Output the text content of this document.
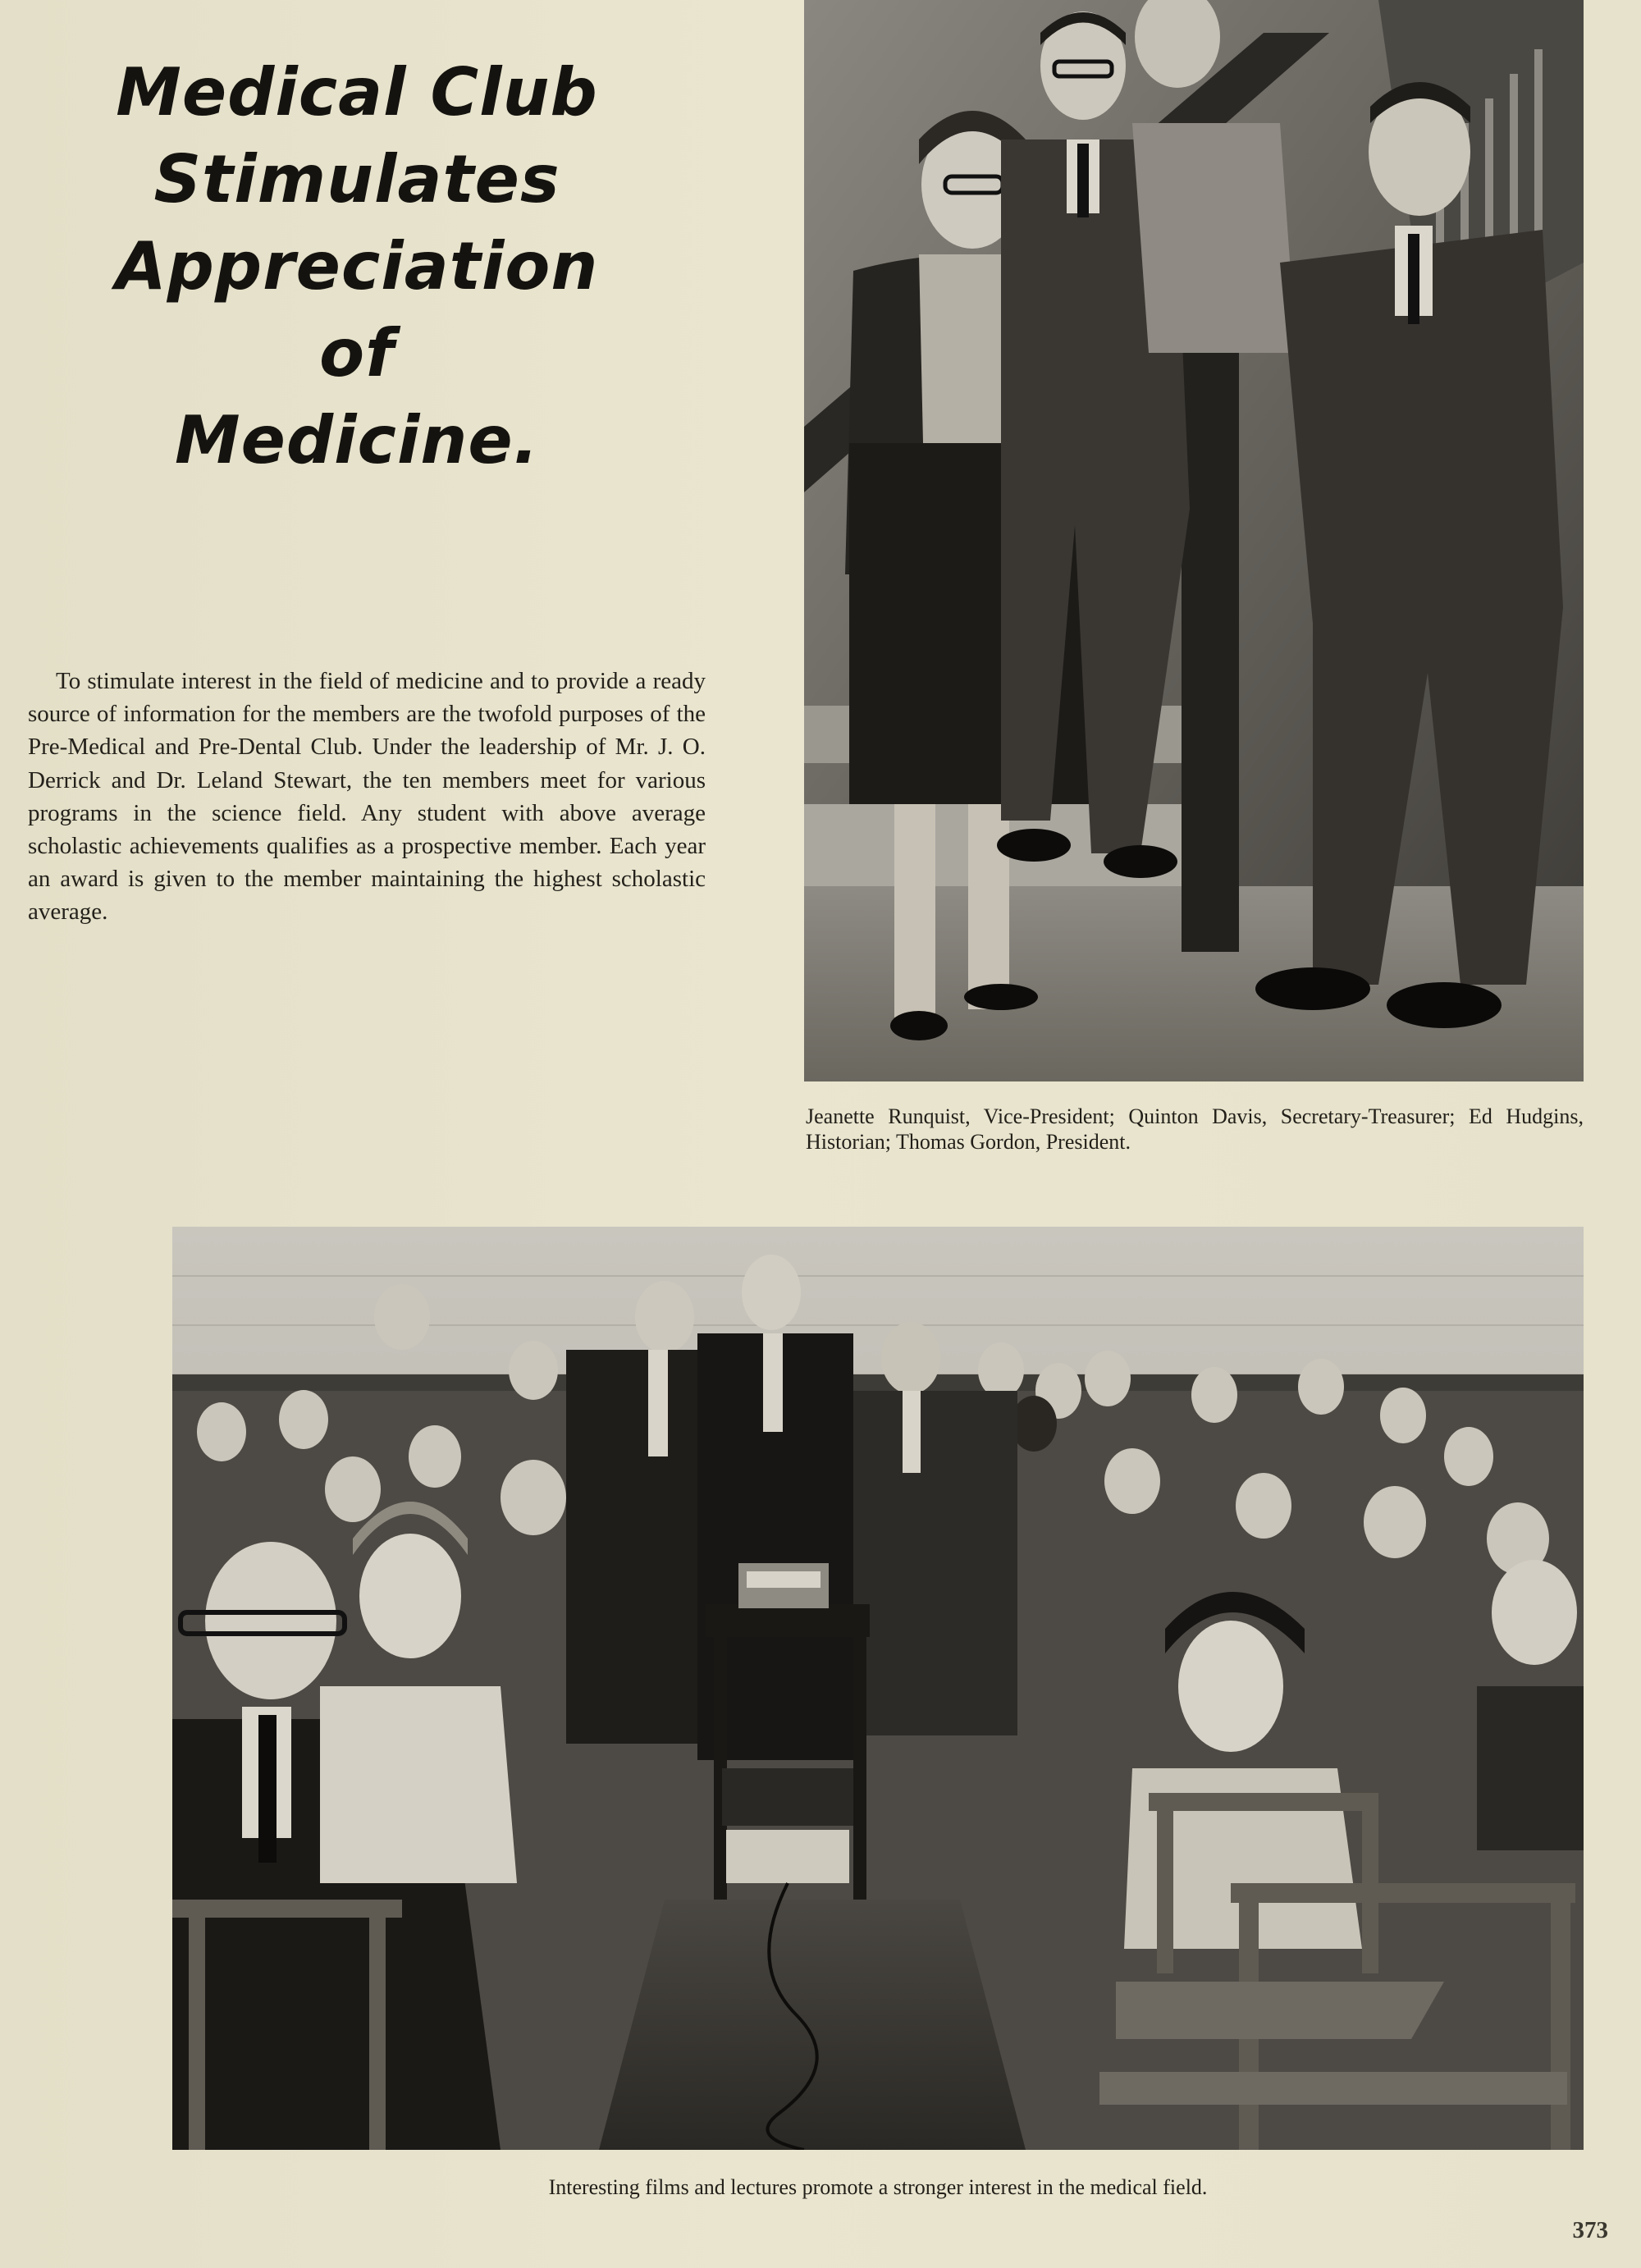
Medical Club
Stimulates
Appreciation
of
Medicine.

To stimulate interest in the field of medicine and to provide a ready source of information for the members are the twofold purposes of the Pre-Medical and Pre-Dental Club. Under the leadership of Mr. J. O. Derrick and Dr. Leland Stewart, the ten members meet for various programs in the science field. Any student with above average scholastic achievements qualifies as a prospective member. Each year an award is given to the member maintaining the highest scholastic average.

Jeanette Runquist, Vice-President; Quinton Davis, Secretary-Treasurer; Ed Hudgins, Historian; Thomas Gordon, President.

Interesting films and lectures promote a stronger interest in the medical field.

373
